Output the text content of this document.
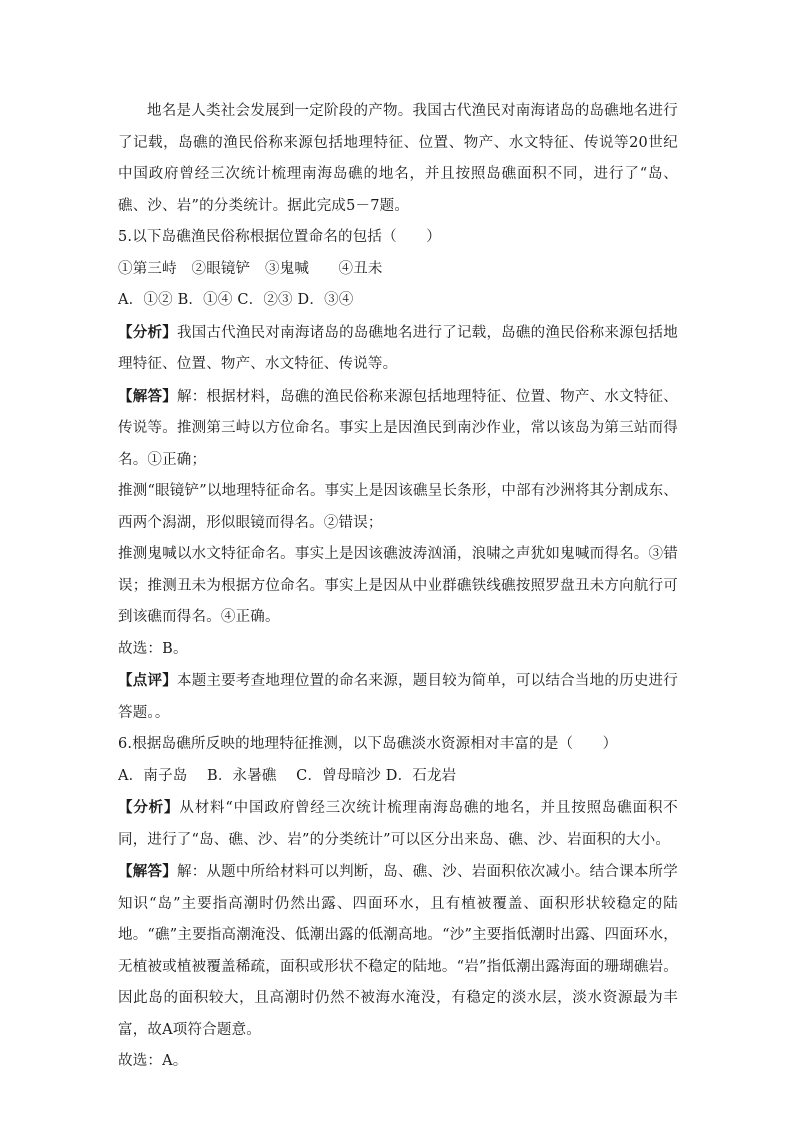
地名是人类社会发展到一定阶段的产物。我国古代渔民对南海诸岛的岛礁地名进行了记载，岛礁的渔民俗称来源包括地理特征、位置、物产、水文特征、传说等20世纪中国政府曾经三次统计梳理南海岛礁的地名，并且按照岛礁面积不同，进行了“岛、礁、沙、岩”的分类统计。据此完成5－7题。

5.以下岛礁渔民俗称根据位置命名的包括（　　）

①第三峙　②眼镜铲　③鬼喊　　④丑未

A．①② B．①④ C．②③ D．③④

【分析】我国古代渔民对南海诸岛的岛礁地名进行了记载，岛礁的渔民俗称来源包括地理特征、位置、物产、水文特征、传说等。

【解答】解：根据材料，岛礁的渔民俗称来源包括地理特征、位置、物产、水文特征、传说等。推测第三峙以方位命名。事实上是因渔民到南沙作业，常以该岛为第三站而得名。①正确；

推测“眼镜铲”以地理特征命名。事实上是因该礁呈长条形，中部有沙洲将其分割成东、西两个潟湖，形似眼镜而得名。②错误；

推测鬼喊以水文特征命名。事实上是因该礁波涛汹涌，浪啸之声犹如鬼喊而得名。③错误；推测丑未为根据方位命名。事实上是因从中业群礁铁线礁按照罗盘丑未方向航行可到该礁而得名。④正确。

故选：B。

【点评】本题主要考查地理位置的命名来源，题目较为简单，可以结合当地的历史进行答题。。

6.根据岛礁所反映的地理特征推测，以下岛礁淡水资源相对丰富的是（　　）

A．南子岛　 B．永暑礁　 C．曾母暗沙 D．石龙岩

【分析】从材料“中国政府曾经三次统计梳理南海岛礁的地名，并且按照岛礁面积不同，进行了“岛、礁、沙、岩”的分类统计”可以区分出来岛、礁、沙、岩面积的大小。

【解答】解：从题中所给材料可以判断，岛、礁、沙、岩面积依次减小。结合课本所学知识“岛”主要指高潮时仍然出露、四面环水，且有植被覆盖、面积形状较稳定的陆地。“礁”主要指高潮淹没、低潮出露的低潮高地。“沙”主要指低潮时出露、四面环水，无植被或植被覆盖稀疏，面积或形状不稳定的陆地。“岩”指低潮出露海面的珊瑚礁岩。因此岛的面积较大，且高潮时仍然不被海水淹没，有稳定的淡水层，淡水资源最为丰富，故A项符合题意。

故选：A。
